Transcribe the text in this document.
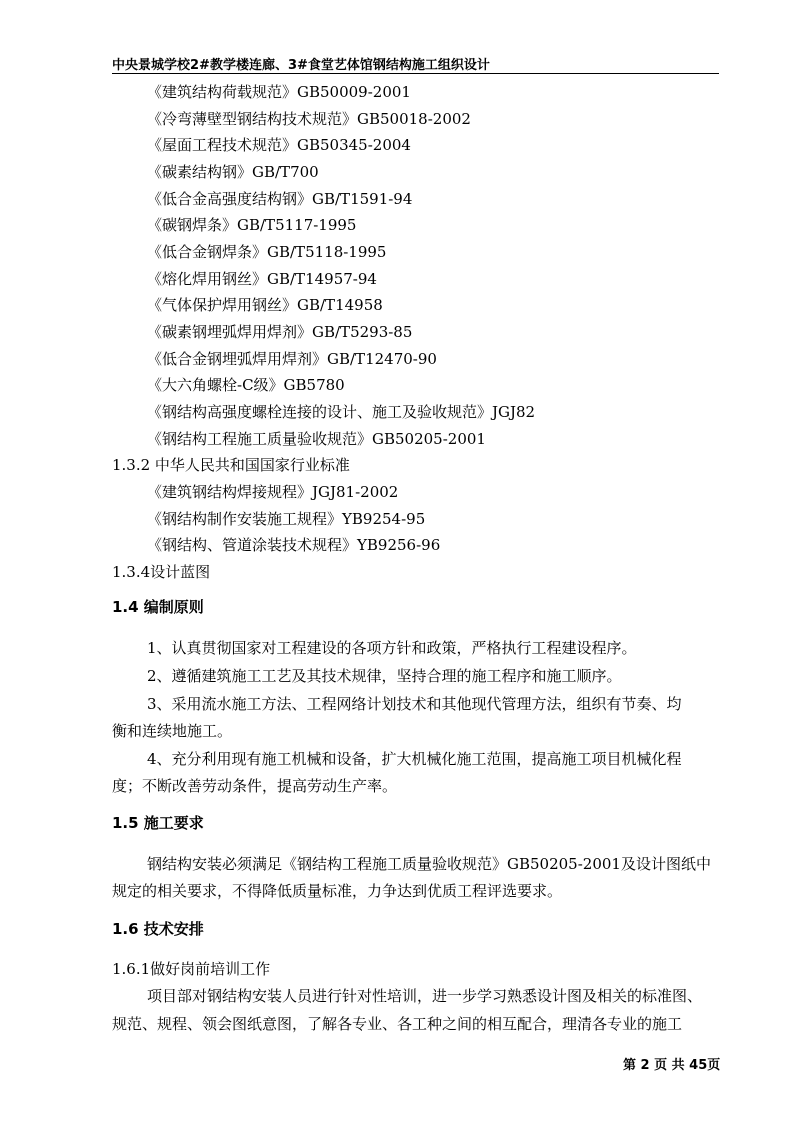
中央景城学校2#教学楼连廊、3#食堂艺体馆钢结构施工组织设计
《建筑结构荷载规范》GB50009-2001
《冷弯薄壁型钢结构技术规范》GB50018-2002
《屋面工程技术规范》GB50345-2004
《碳素结构钢》GB/T700
《低合金高强度结构钢》GB/T1591-94
《碳钢焊条》GB/T5117-1995
《低合金钢焊条》GB/T5118-1995
《熔化焊用钢丝》GB/T14957-94
《气体保护焊用钢丝》GB/T14958
《碳素钢埋弧焊用焊剂》GB/T5293-85
《低合金钢埋弧焊用焊剂》GB/T12470-90
《大六角螺栓-C级》GB5780
《钢结构高强度螺栓连接的设计、施工及验收规范》JGJ82
《钢结构工程施工质量验收规范》GB50205-2001
1.3.2 中华人民共和国国家行业标准
《建筑钢结构焊接规程》JGJ81-2002
《钢结构制作安装施工规程》YB9254-95
《钢结构、管道涂装技术规程》YB9256-96
1.3.4设计蓝图
1.4 编制原则
1、认真贯彻国家对工程建设的各项方针和政策，严格执行工程建设程序。
2、遵循建筑施工工艺及其技术规律，坚持合理的施工程序和施工顺序。
3、采用流水施工方法、工程网络计划技术和其他现代管理方法，组织有节奏、均
衡和连续地施工。
4、充分利用现有施工机械和设备，扩大机械化施工范围，提高施工项目机械化程
度；不断改善劳动条件，提高劳动生产率。
1.5 施工要求
钢结构安装必须满足《钢结构工程施工质量验收规范》GB50205-2001及设计图纸中
规定的相关要求，不得降低质量标准，力争达到优质工程评选要求。
1.6 技术安排
1.6.1做好岗前培训工作
项目部对钢结构安装人员进行针对性培训，进一步学习熟悉设计图及相关的标准图、
规范、规程、领会图纸意图，了解各专业、各工种之间的相互配合，理清各专业的施工
第 2 页 共 45页
